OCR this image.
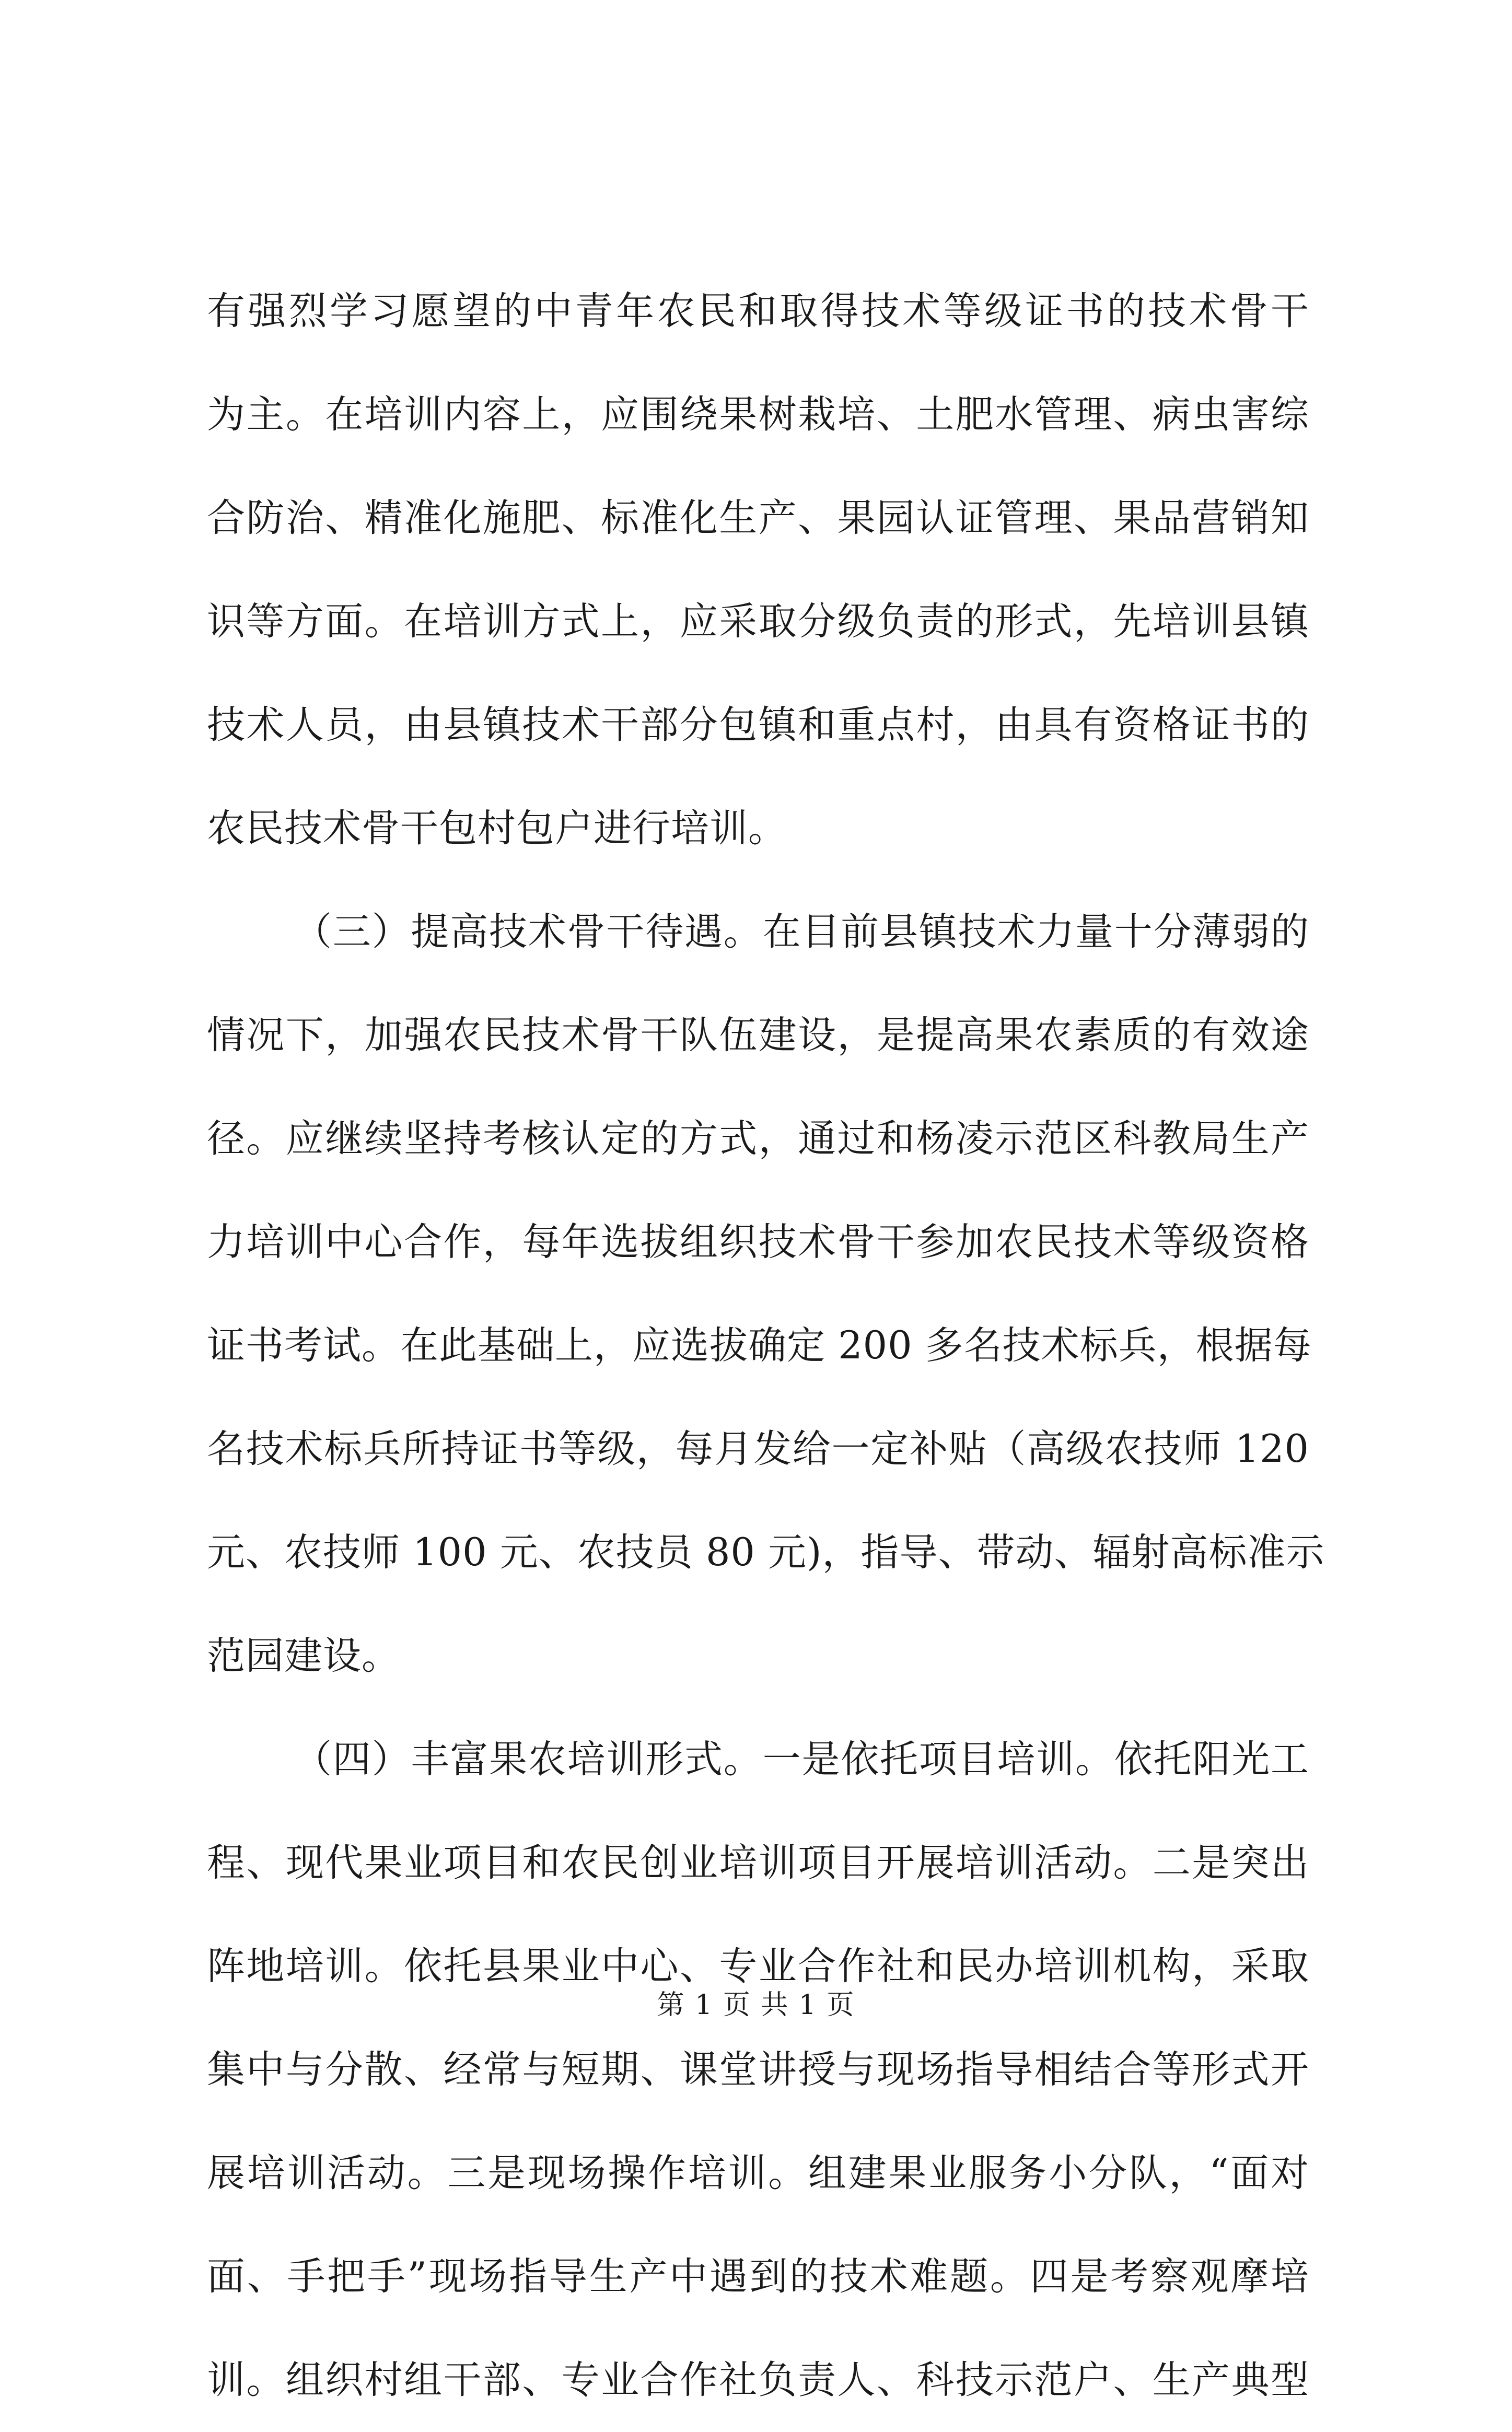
有强烈学习愿望的中青年农民和取得技术等级证书的技术骨干
为主。在培训内容上，应围绕果树栽培、土肥水管理、病虫害综
合防治、精准化施肥、标准化生产、果园认证管理、果品营销知
识等方面。在培训方式上，应采取分级负责的形式，先培训县镇
技术人员，由县镇技术干部分包镇和重点村，由具有资格证书的
农民技术骨干包村包户进行培训。
（三）提高技术骨干待遇。在目前县镇技术力量十分薄弱的
情况下，加强农民技术骨干队伍建设，是提高果农素质的有效途
径。应继续坚持考核认定的方式，通过和杨凌示范区科教局生产
力培训中心合作，每年选拔组织技术骨干参加农民技术等级资格
证书考试。在此基础上，应选拔确定 200 多名技术标兵，根据每
名技术标兵所持证书等级，每月发给一定补贴（高级农技师 120
元、农技师 100 元、农技员 80 元)，指导、带动、辐射高标准示
范园建设。
（四）丰富果农培训形式。一是依托项目培训。依托阳光工
程、现代果业项目和农民创业培训项目开展培训活动。二是突出
阵地培训。依托县果业中心、专业合作社和民办培训机构，采取
集中与分散、经常与短期、课堂讲授与现场指导相结合等形式开
展培训活动。三是现场操作培训。组建果业服务小分队，“面对
面、手把手”现场指导生产中遇到的技术难题。四是考察观摩培
训。组织村组干部、专业合作社负责人、科技示范户、生产典型
第 1 页 共 1 页
